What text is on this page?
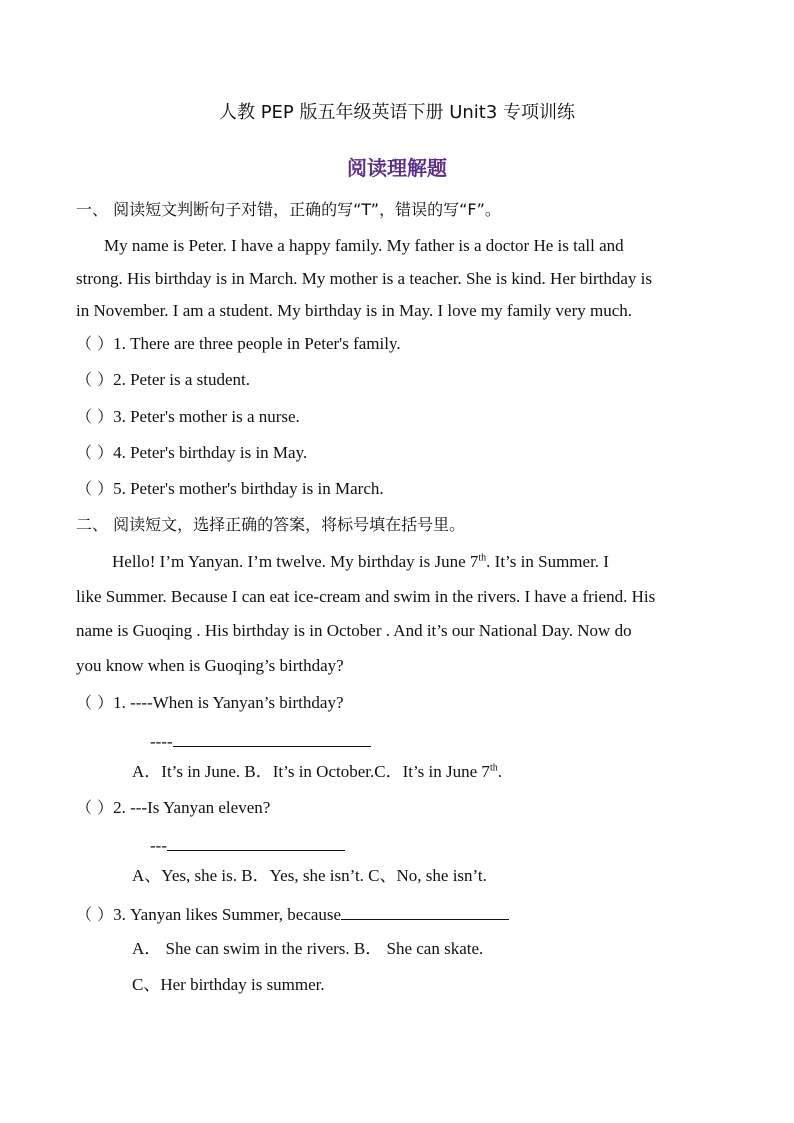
人教 PEP 版五年级英语下册 Unit3 专项训练
阅读理解题
一、 阅读短文判断句子对错，正确的写“T”，错误的写“F”。
My name is Peter. I have a happy family. My father is a doctor He is tall and
strong. His birthday is in March. My mother is a teacher. She is kind. Her birthday is
in November. I am a student. My birthday is in May. I love my family very much.
（ ）1. There are three people in Peter's family.
（ ）2. Peter is a student.
（ ）3. Peter's mother is a nurse.
（ ）4. Peter's birthday is in May.
（ ）5. Peter's mother's birthday is in March.
二、 阅读短文，选择正确的答案，将标号填在括号里。
Hello! I’m Yanyan. I’m twelve. My birthday is June 7th. It’s in Summer. I
like Summer. Because I can eat ice-cream and swim in the rivers. I have a friend. His
name is Guoqing . His birthday is in October . And it’s our National Day. Now do
you know when is Guoqing’s birthday?
（ ）1. ----When is Yanyan’s birthday?
----
A．It’s in June. B．It’s in October.C．It’s in June 7th.
（ ）2. ---Is Yanyan eleven?
---
A、Yes, she is. B．Yes, she isn’t. C、No, she isn’t.
（ ）3. Yanyan likes Summer, because
A． She can swim in the rivers. B． She can skate.
C、Her birthday is summer.
